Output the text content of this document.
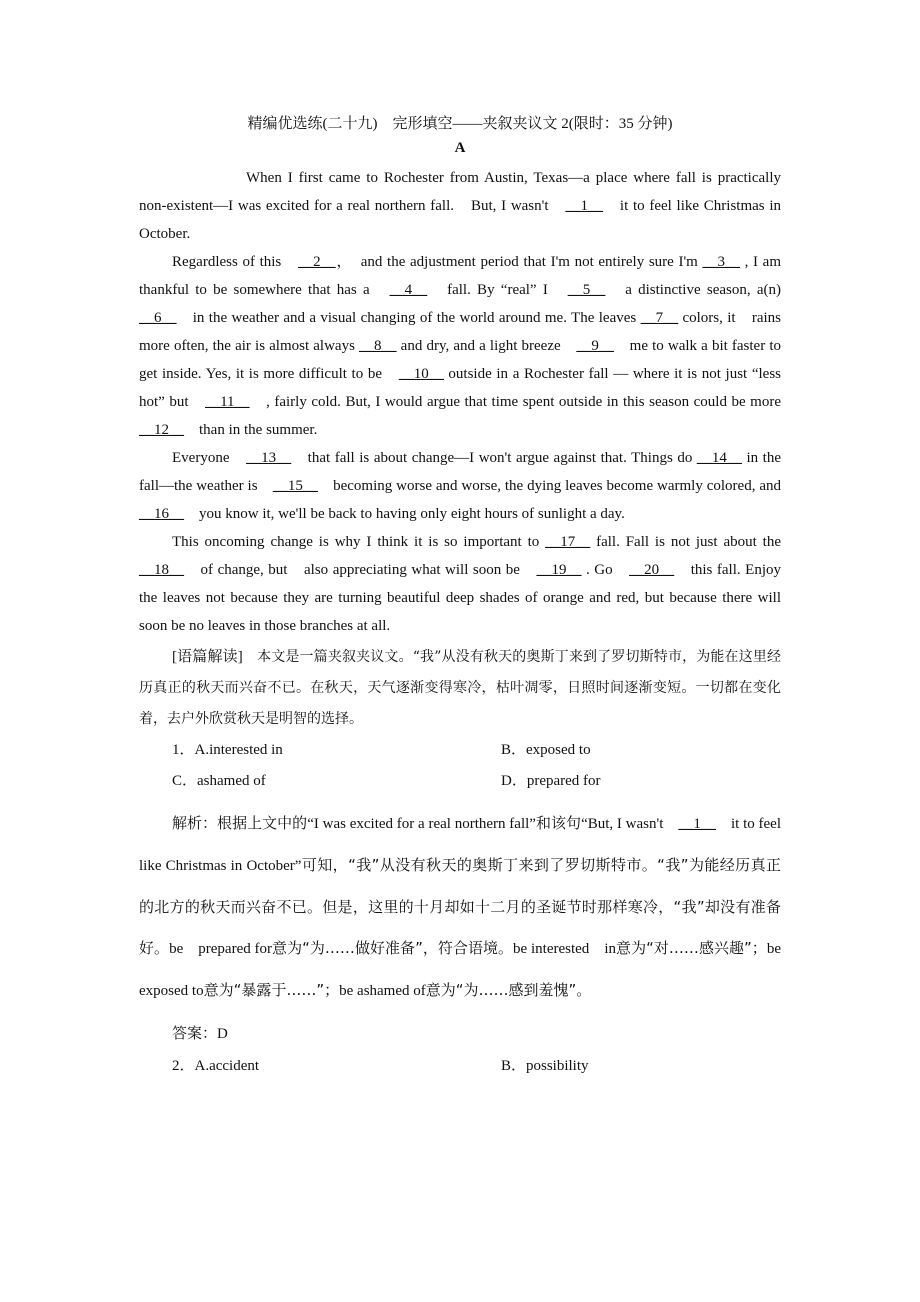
精编优选练(二十九)　完形填空——夹叙夹议文 2(限时：35 分钟)
A

When I first came to Rochester from Austin, Texas—a place where fall is practically non-existent—I was excited for a real northern fall.　But, I wasn't　__1__　it to feel like Christmas in October.

Regardless of this　__2__，　and the adjustment period that I'm not entirely sure I'm __3__ , I am thankful to be somewhere that has a　__4__　fall. By “real” I　__5__　a distinctive season, a(n)　__6__　in the weather and a visual changing of the world around me. The leaves __7__ colors, it　rains more often, the air is almost always __8__ and dry, and a light breeze　__9__　me to walk a bit faster to get inside. Yes, it is more difficult to be　__10__ outside in a Rochester fall — where it is not just “less hot” but　__11__　, fairly cold. But, I would argue that time spent outside in this season could be more　__12__　than in the summer.

Everyone　__13__　that fall is about change—I won't argue against that. Things do __14__ in the fall—the weather is　__15__　becoming worse and worse, the dying leaves become warmly colored, and __16__　you know it, we'll be back to having only eight hours of sunlight a day.

This oncoming change is why I think it is so important to __17__ fall. Fall is not just about the __18__　of change, but　also appreciating what will soon be　__19__ . Go　__20__　this fall. Enjoy the leaves not because they are turning beautiful deep shades of orange and red, but because there will soon be no leaves in those branches at all.

[语篇解读]　本文是一篇夹叙夹议文。“我”从没有秋天的奥斯丁来到了罗切斯特市，为能在这里经历真正的秋天而兴奋不已。在秋天，天气逐渐变得寒冷，枯叶凋零，日照时间逐渐变短。一切都在变化着，去户外欣赏秋天是明智的选择。

1．A.interested in	B．exposed to
C．ashamed of	D．prepared for

解析：根据上文中的“I was excited for a real northern fall”和该句“But, I wasn't　__1__　it to feel like Christmas in October”可知，“我”从没有秋天的奥斯丁来到了罗切斯特市。“我”为能经历真正的北方的秋天而兴奋不已。但是，这里的十月却如十二月的圣诞节时那样寒冷，“我”却没有准备好。be　prepared for意为“为……做好准备”，符合语境。be interested　in意为“对……感兴趣”；be exposed to意为“暴露于……”；be ashamed of意为“为……感到羞愧”。

答案：D
2．A.accident	B．possibility
